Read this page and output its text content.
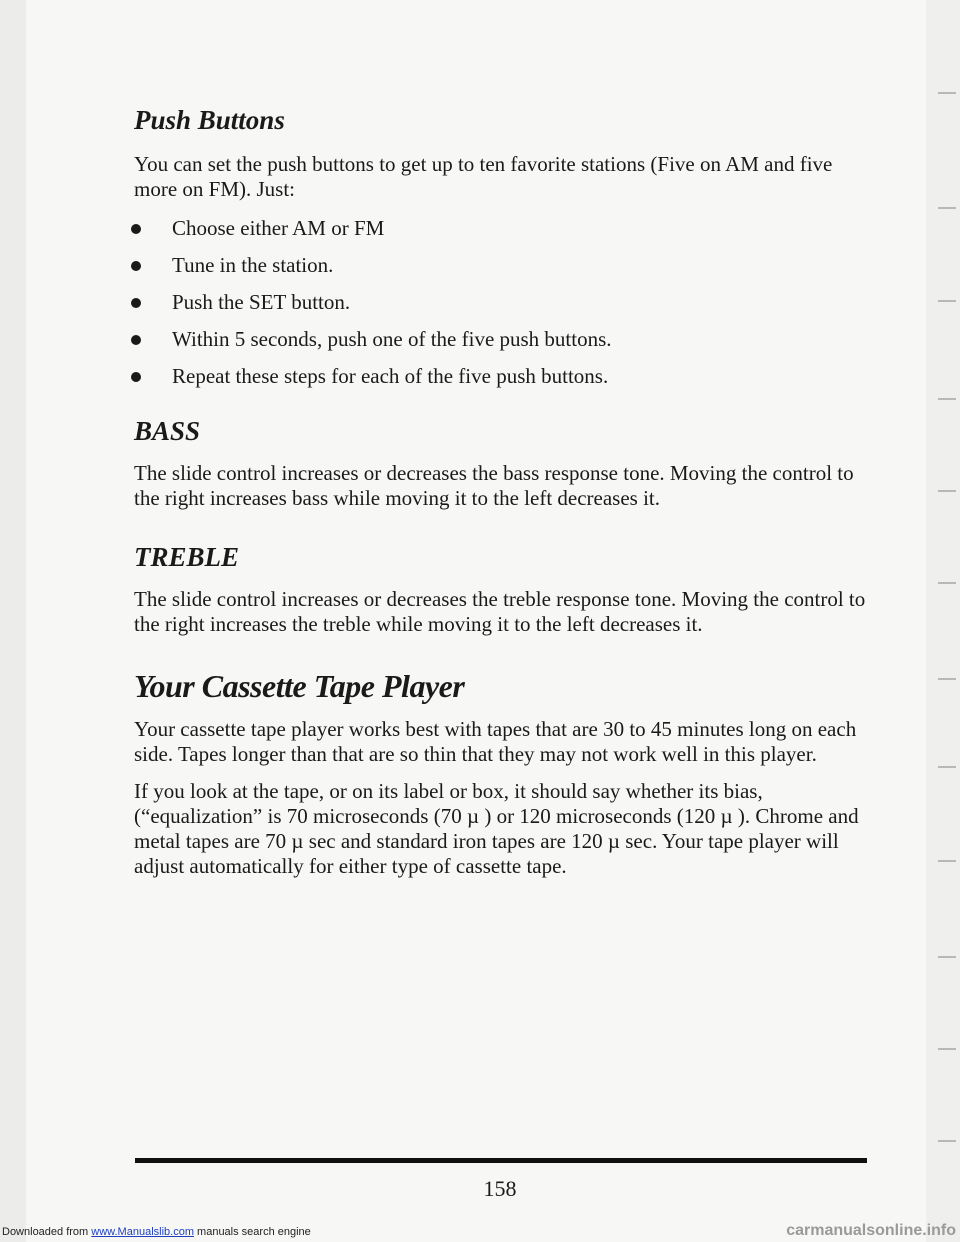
Push Buttons

You can set the push buttons to get up to ten favorite stations (Five on AM and five more on FM). Just:

Choose either AM or FM
Tune in the station.
Push the SET button.
Within 5 seconds, push one of the five push buttons.
Repeat these steps for each of the five push buttons.
BASS

The slide control increases or decreases the bass response tone. Moving the control to the right increases bass while moving it to the left decreases it.

TREBLE

The slide control increases or decreases the treble response tone. Moving the control to the right increases the treble while moving it to the left decreases it.

Your Cassette Tape Player

Your cassette tape player works best with tapes that are 30 to 45 minutes long on each side. Tapes longer than that are so thin that they may not work well in this player.

If you look at the tape, or on its label or box, it should say whether its bias, (“equalization” is 70 microseconds (70 µ ) or 120 microseconds (120 µ ). Chrome and metal tapes are 70 µ sec and standard iron tapes are 120 µ sec. Your tape player will adjust automatically for either type of cassette tape.

158
Downloaded from www.Manualslib.com manuals search engine	carmanualsonline.info
